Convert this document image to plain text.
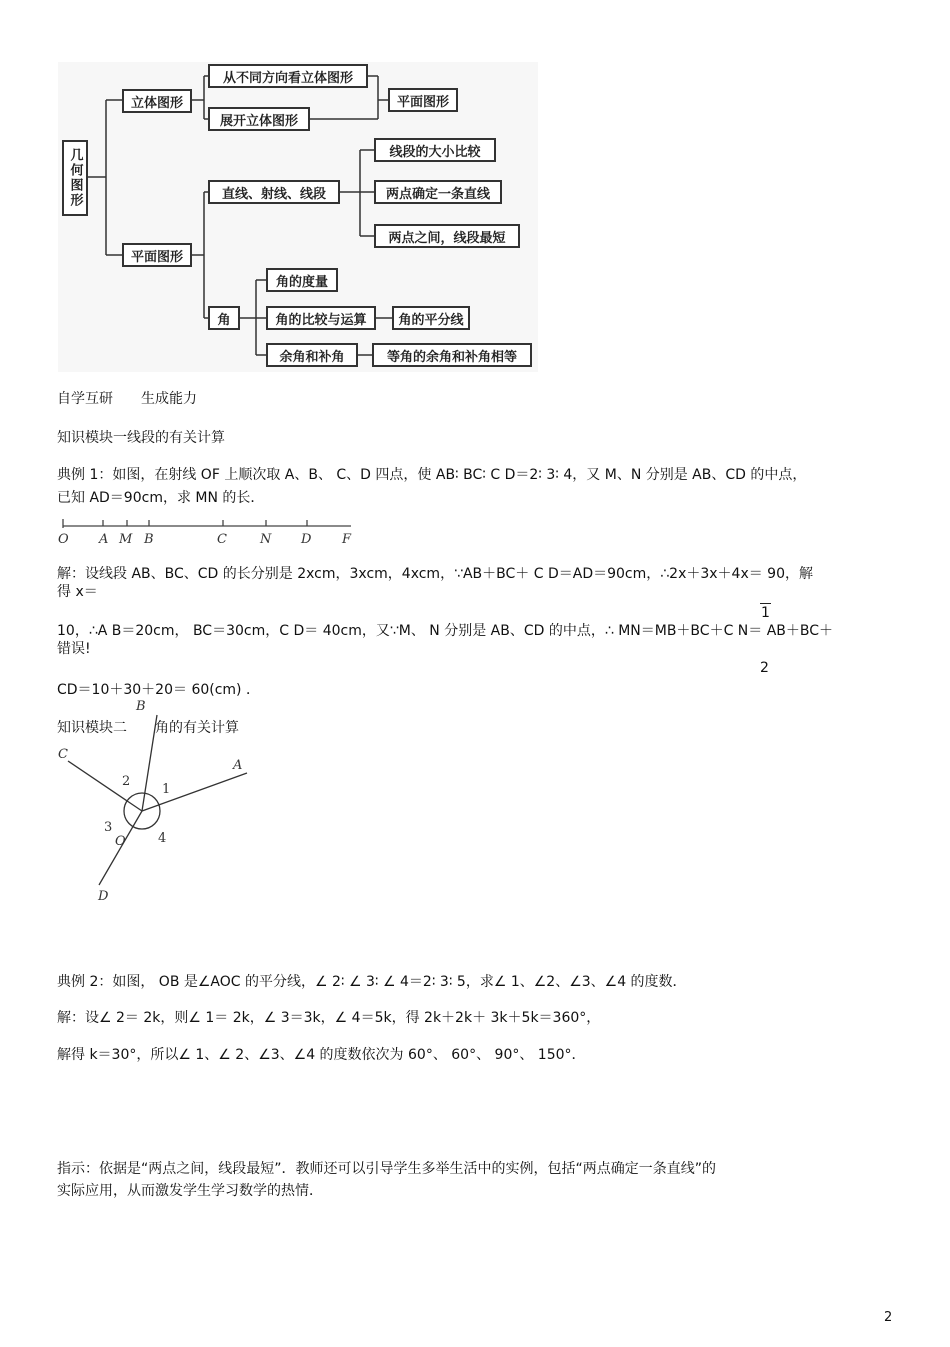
几何图形
立体图形
从不同方向看立体图形
展开立体图形
平面图形
平面图形
直线、射线、线段
线段的大小比较
两点确定一条直线
两点之间，线段最短
角
角的度量
角的比较与运算	角的平分线
余角和补角	等角的余角和补角相等
自学互研　　生成能力
知识模块一线段的有关计算
典例 1：如图，在射线 OF 上顺次取 A、B、 C、D 四点，使 AB∶ BC∶ C D＝2∶ 3∶ 4，又 M、N 分别是 AB、CD 的中点，
已知 AD＝90cm，求 MN 的长．
O A M B	C	N D F
解：设线段 AB、BC、CD 的长分别是 2xcm，3xcm，4xcm，∵AB＋BC＋ C D＝AD＝90cm，∴2x＋3x＋4x＝ 90，解
得 x＝
1
10，∴A B＝20cm， BC＝30cm，C D＝ 40cm，又∵M、 N 分别是 AB、CD 的中点，∴ MN＝MB＋BC＋C N＝ AB＋BC＋
错误!
2
CD＝10＋30＋20＝ 60(cm) ．
知识模块二　　角的有关计算
B
C
A
D
O
1
2
3
4
典例 2：如图， OB 是∠AOC 的平分线，∠ 2∶ ∠ 3∶ ∠ 4＝2∶ 3∶ 5，求∠ 1、∠2、∠3、∠4 的度数．
解：设∠ 2＝ 2k，则∠ 1＝ 2k，∠ 3＝3k，∠ 4＝5k，得 2k＋2k＋ 3k＋5k＝360°，
解得 k＝30°，所以∠ 1、∠ 2、∠3、∠4 的度数依次为 60°、 60°、 90°、 150°．
指示：依据是“两点之间，线段最短”．教师还可以引导学生多举生活中的实例，包括“两点确定一条直线”的
实际应用，从而激发学生学习数学的热情．
2
